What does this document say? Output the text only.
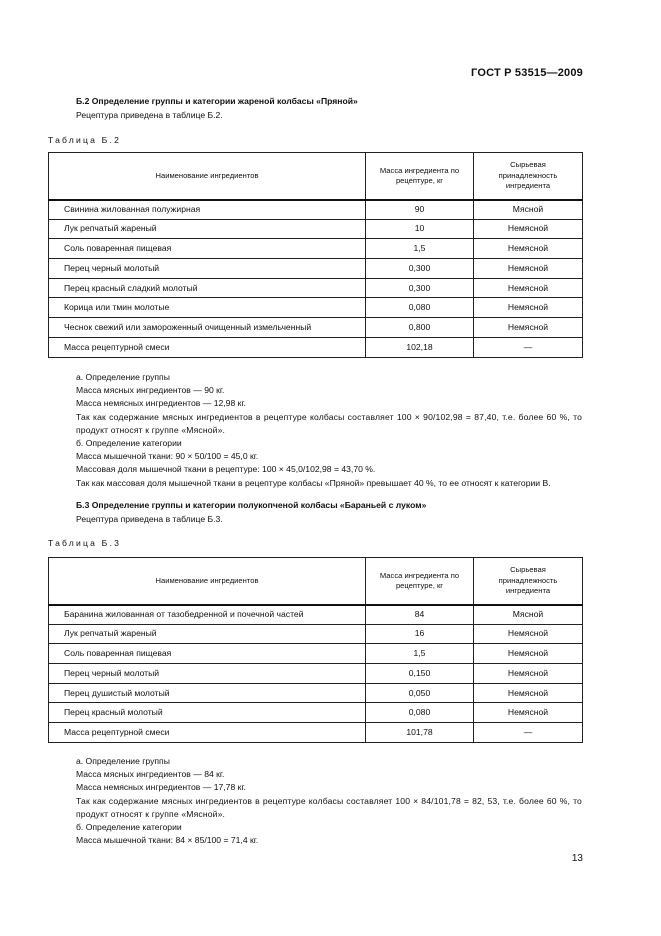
ГОСТ Р 53515—2009
Б.2 Определение группы и категории жареной колбасы «Пряной»
Рецептура приведена в таблице Б.2.
Таблица Б.2
Наименование ингредиентов	Масса ингредиента по рецептуре, кг	Сырьевая принадлежность ингредиента
Свинина жилованная полужирная	90	Мясной
Лук репчатый жареный	10	Немясной
Соль поваренная пищевая	1,5	Немясной
Перец черный молотый	0,300	Немясной
Перец красный сладкий молотый	0,300	Немясной
Корица или тмин молотые	0,080	Немясной
Чеснок свежий или замороженный очищенный измельченный	0,800	Немясной
Масса рецептурной смеси	102,18	—

а. Определение группы

Масса мясных ингредиентов — 90 кг.

Масса немясных ингредиентов — 12,98 кг.

Так как содержание мясных ингредиентов в рецептуре колбасы составляет 100 × 90/102,98 = 87,40, т.е. более 60 %, то продукт относят к группе «Мясной».

б. Определение категории

Масса мышечной ткани: 90 × 50/100 = 45,0 кг.

Массовая доля мышечной ткани в рецептуре: 100 × 45,0/102,98 = 43,70 %.

Так как массовая доля мышечной ткани в рецептуре колбасы «Пряной» превышает 40 %, то ее относят к категории В.

Б.3 Определение группы и категории полукопченой колбасы «Бараньей с луком»
Рецептура приведена в таблице Б.3.
Таблица Б.3
Наименование ингредиентов	Масса ингредиента по рецептуре, кг	Сырьевая принадлежность ингредиента
Баранина жилованная от тазобедренной и почечной частей	84	Мясной
Лук репчатый жареный	16	Немясной
Соль поваренная пищевая	1,5	Немясной
Перец черный молотый	0,150	Немясной
Перец душистый молотый	0,050	Немясной
Перец красный молотый	0,080	Немясной
Масса рецептурной смеси	101,78	—

а. Определение группы

Масса мясных ингредиентов — 84 кг.

Масса немясных ингредиентов — 17,78 кг.

Так как содержание мясных ингредиентов в рецептуре колбасы составляет 100 × 84/101,78 = 82, 53, т.е. более 60 %, то продукт относят к группе «Мясной».

б. Определение категории

Масса мышечной ткани: 84 × 85/100 = 71,4 кг.

13
